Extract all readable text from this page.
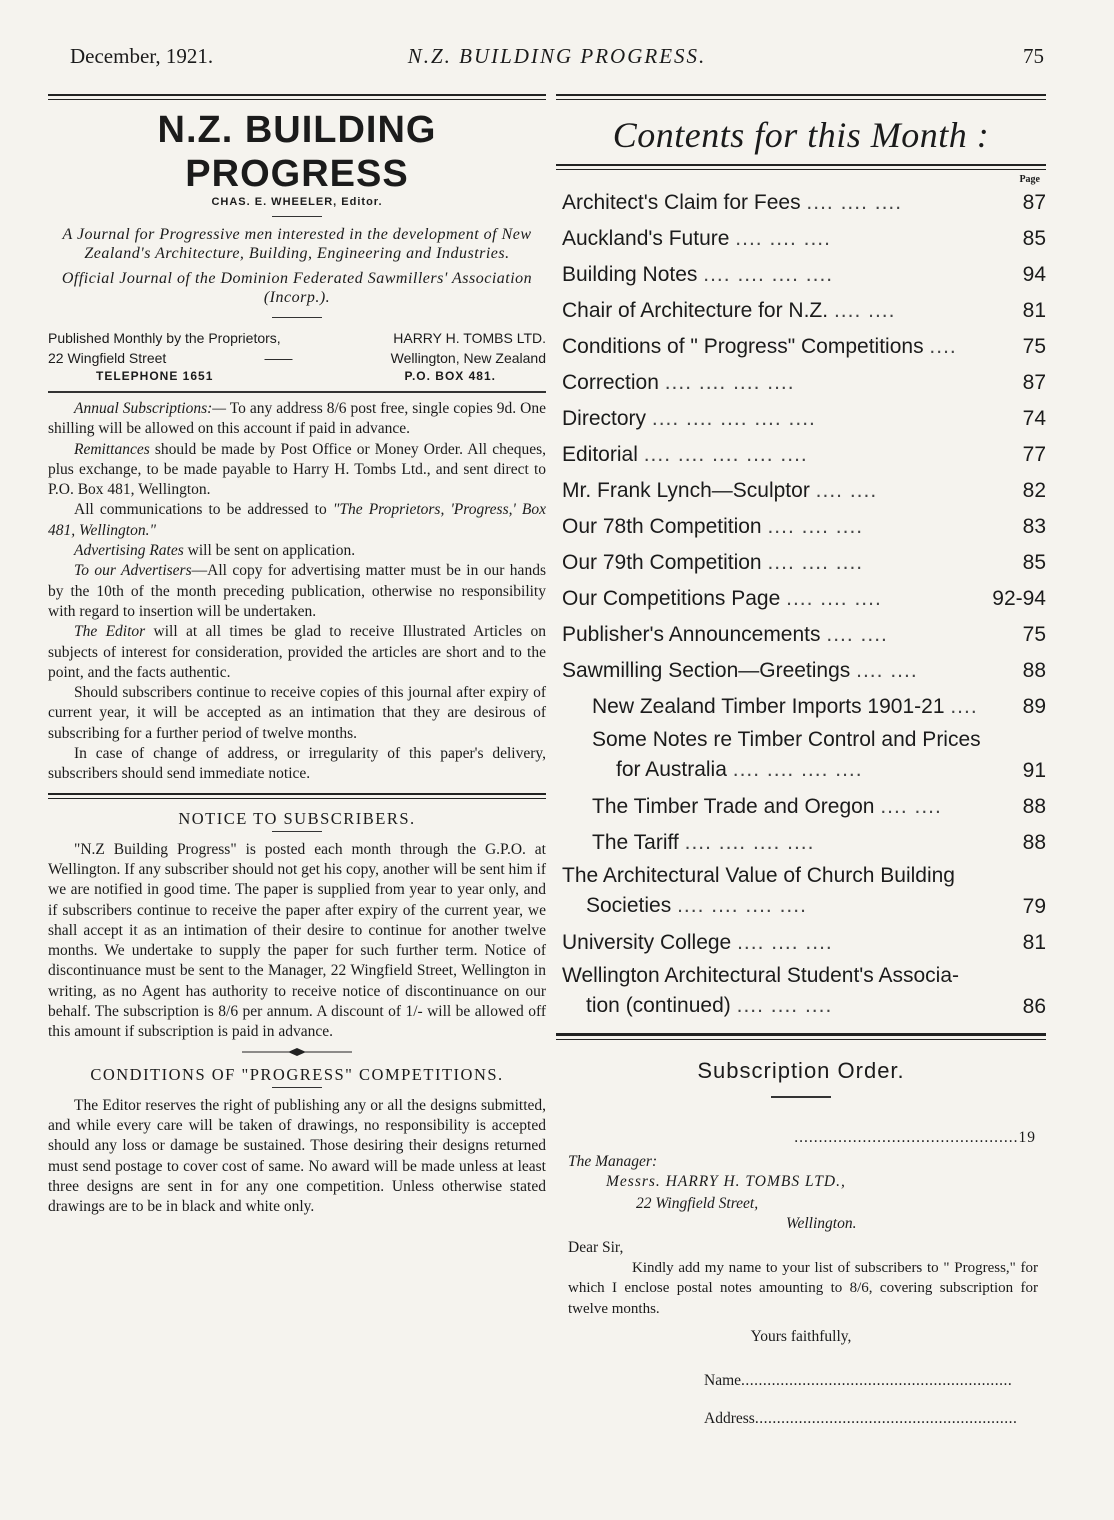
December, 1921.	N.Z. BUILDING PROGRESS.	75
N.Z. BUILDING PROGRESS
CHAS. E. WHEELER, Editor.
A Journal for Progressive men interested in the development of New Zealand's Architecture, Building, Engineering and Industries.
Official Journal of the Dominion Federated Sawmillers' Association (Incorp.).
Published Monthly by the Proprietors,	HARRY H. TOMBS LTD.
22 Wingfield Street	——	Wellington, New Zealand
TELEPHONE 1651	P.O. BOX 481.

Annual Subscriptions:— To any address 8/6 post free, single copies 9d. One shilling will be allowed on this account if paid in advance.

Remittances should be made by Post Office or Money Order. All cheques, plus exchange, to be made payable to Harry H. Tombs Ltd., and sent direct to P.O. Box 481, Wellington.

All communications to be addressed to "The Proprietors, 'Progress,' Box 481, Wellington."

Advertising Rates will be sent on application.

To our Advertisers—All copy for advertising matter must be in our hands by the 10th of the month preceding publication, otherwise no responsibility with regard to insertion will be undertaken.

The Editor will at all times be glad to receive Illustrated Articles on subjects of interest for consideration, provided the articles are short and to the point, and the facts authentic.

Should subscribers continue to receive copies of this journal after expiry of current year, it will be accepted as an intimation that they are desirous of subscribing for a further period of twelve months.

In case of change of address, or irregularity of this paper's delivery, subscribers should send immediate notice.

NOTICE TO SUBSCRIBERS.

"N.Z Building Progress" is posted each month through the G.P.O. at Wellington. If any subscriber should not get his copy, another will be sent him if we are notified in good time. The paper is supplied from year to year only, and if subscribers continue to receive the paper after expiry of the current year, we shall accept it as an intimation of their desire to continue for another twelve months. We undertake to supply the paper for such further term. Notice of discontinuance must be sent to the Manager, 22 Wingfield Street, Wellington in writing, as no Agent has authority to receive notice of discontinuance on our behalf. The subscription is 8/6 per annum. A discount of 1/- will be allowed off this amount if subscription is paid in advance.

CONDITIONS OF "PROGRESS" COMPETITIONS.

The Editor reserves the right of publishing any or all the designs submitted, and while every care will be taken of drawings, no responsibility is accepted should any loss or damage be sustained. Those desiring their designs returned must send postage to cover cost of same. No award will be made unless at least three designs are sent in for any one competition. Unless otherwise stated drawings are to be in black and white only.

Contents for this Month :
Page
Architect's Claim for Fees .... .... ....	87
Auckland's Future .... .... ....	85
Building Notes .... .... .... ....	94
Chair of Architecture for N.Z. .... ....	81
Conditions of " Progress" Competitions ....	75
Correction .... .... .... ....	87
Directory .... .... .... .... ....	74
Editorial .... .... .... .... ....	77
Mr. Frank Lynch—Sculptor .... ....	82
Our 78th Competition .... .... ....	83
Our 79th Competition .... .... ....	85
Our Competitions Page .... .... ....	92-94
Publisher's Announcements .... ....	75
Sawmilling Section—Greetings .... ....	88
New Zealand Timber Imports 1901-21 ....	89
Some Notes re Timber Control and Prices
for Australia .... .... .... ....	91
The Timber Trade and Oregon .... ....	88
The Tariff .... .... .... ....	88
The Architectural Value of Church Building
Societies .... .... .... ....	79
University College .... .... ....	81
Wellington Architectural Student's Associa-
tion (continued) .... .... ....	86
Subscription Order.
..............................................19
The Manager:
Messrs. HARRY H. TOMBS LTD.,
22 Wingfield Street,
Wellington.
Dear Sir,

Kindly add my name to your list of subscribers to " Progress," for which I enclose postal notes amounting to 8/6, covering subscription for twelve months.

Yours faithfully,
Name..............................................................
Address............................................................
